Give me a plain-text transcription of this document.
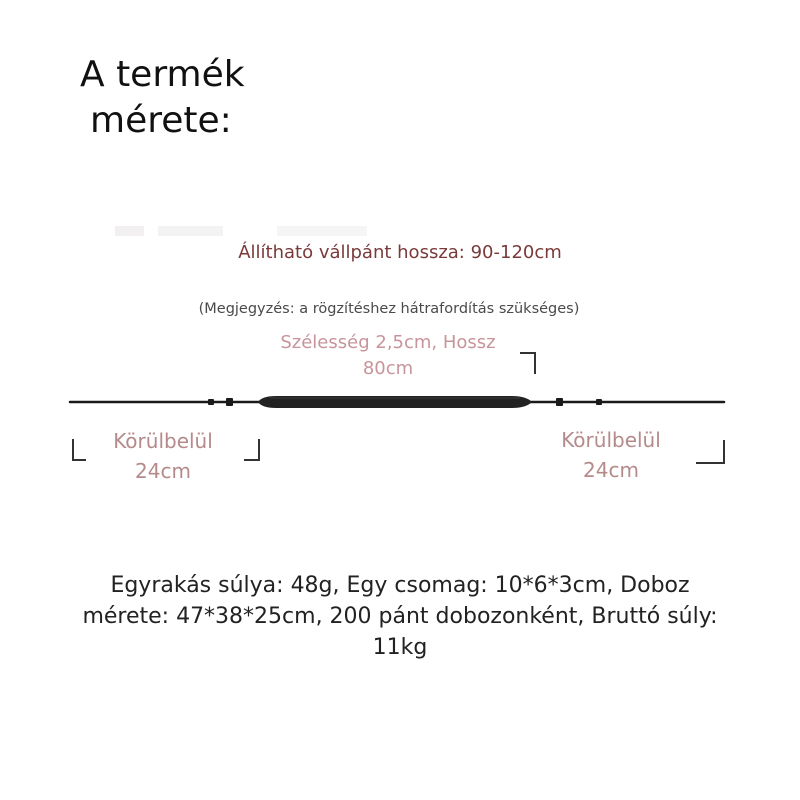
A termék
mérete:
Állítható vállpánt hossza: 90-120cm
(Megjegyzés: a rögzítéshez hátrafordítás szükséges)
Szélesség 2,5cm, Hossz
80cm
Körülbelül
24cm
Körülbelül
24cm
Egyrakás súlya: 48g, Egy csomag: 10*6*3cm, Doboz
mérete: 47*38*25cm, 200 pánt dobozonként, Bruttó súly:
11kg
